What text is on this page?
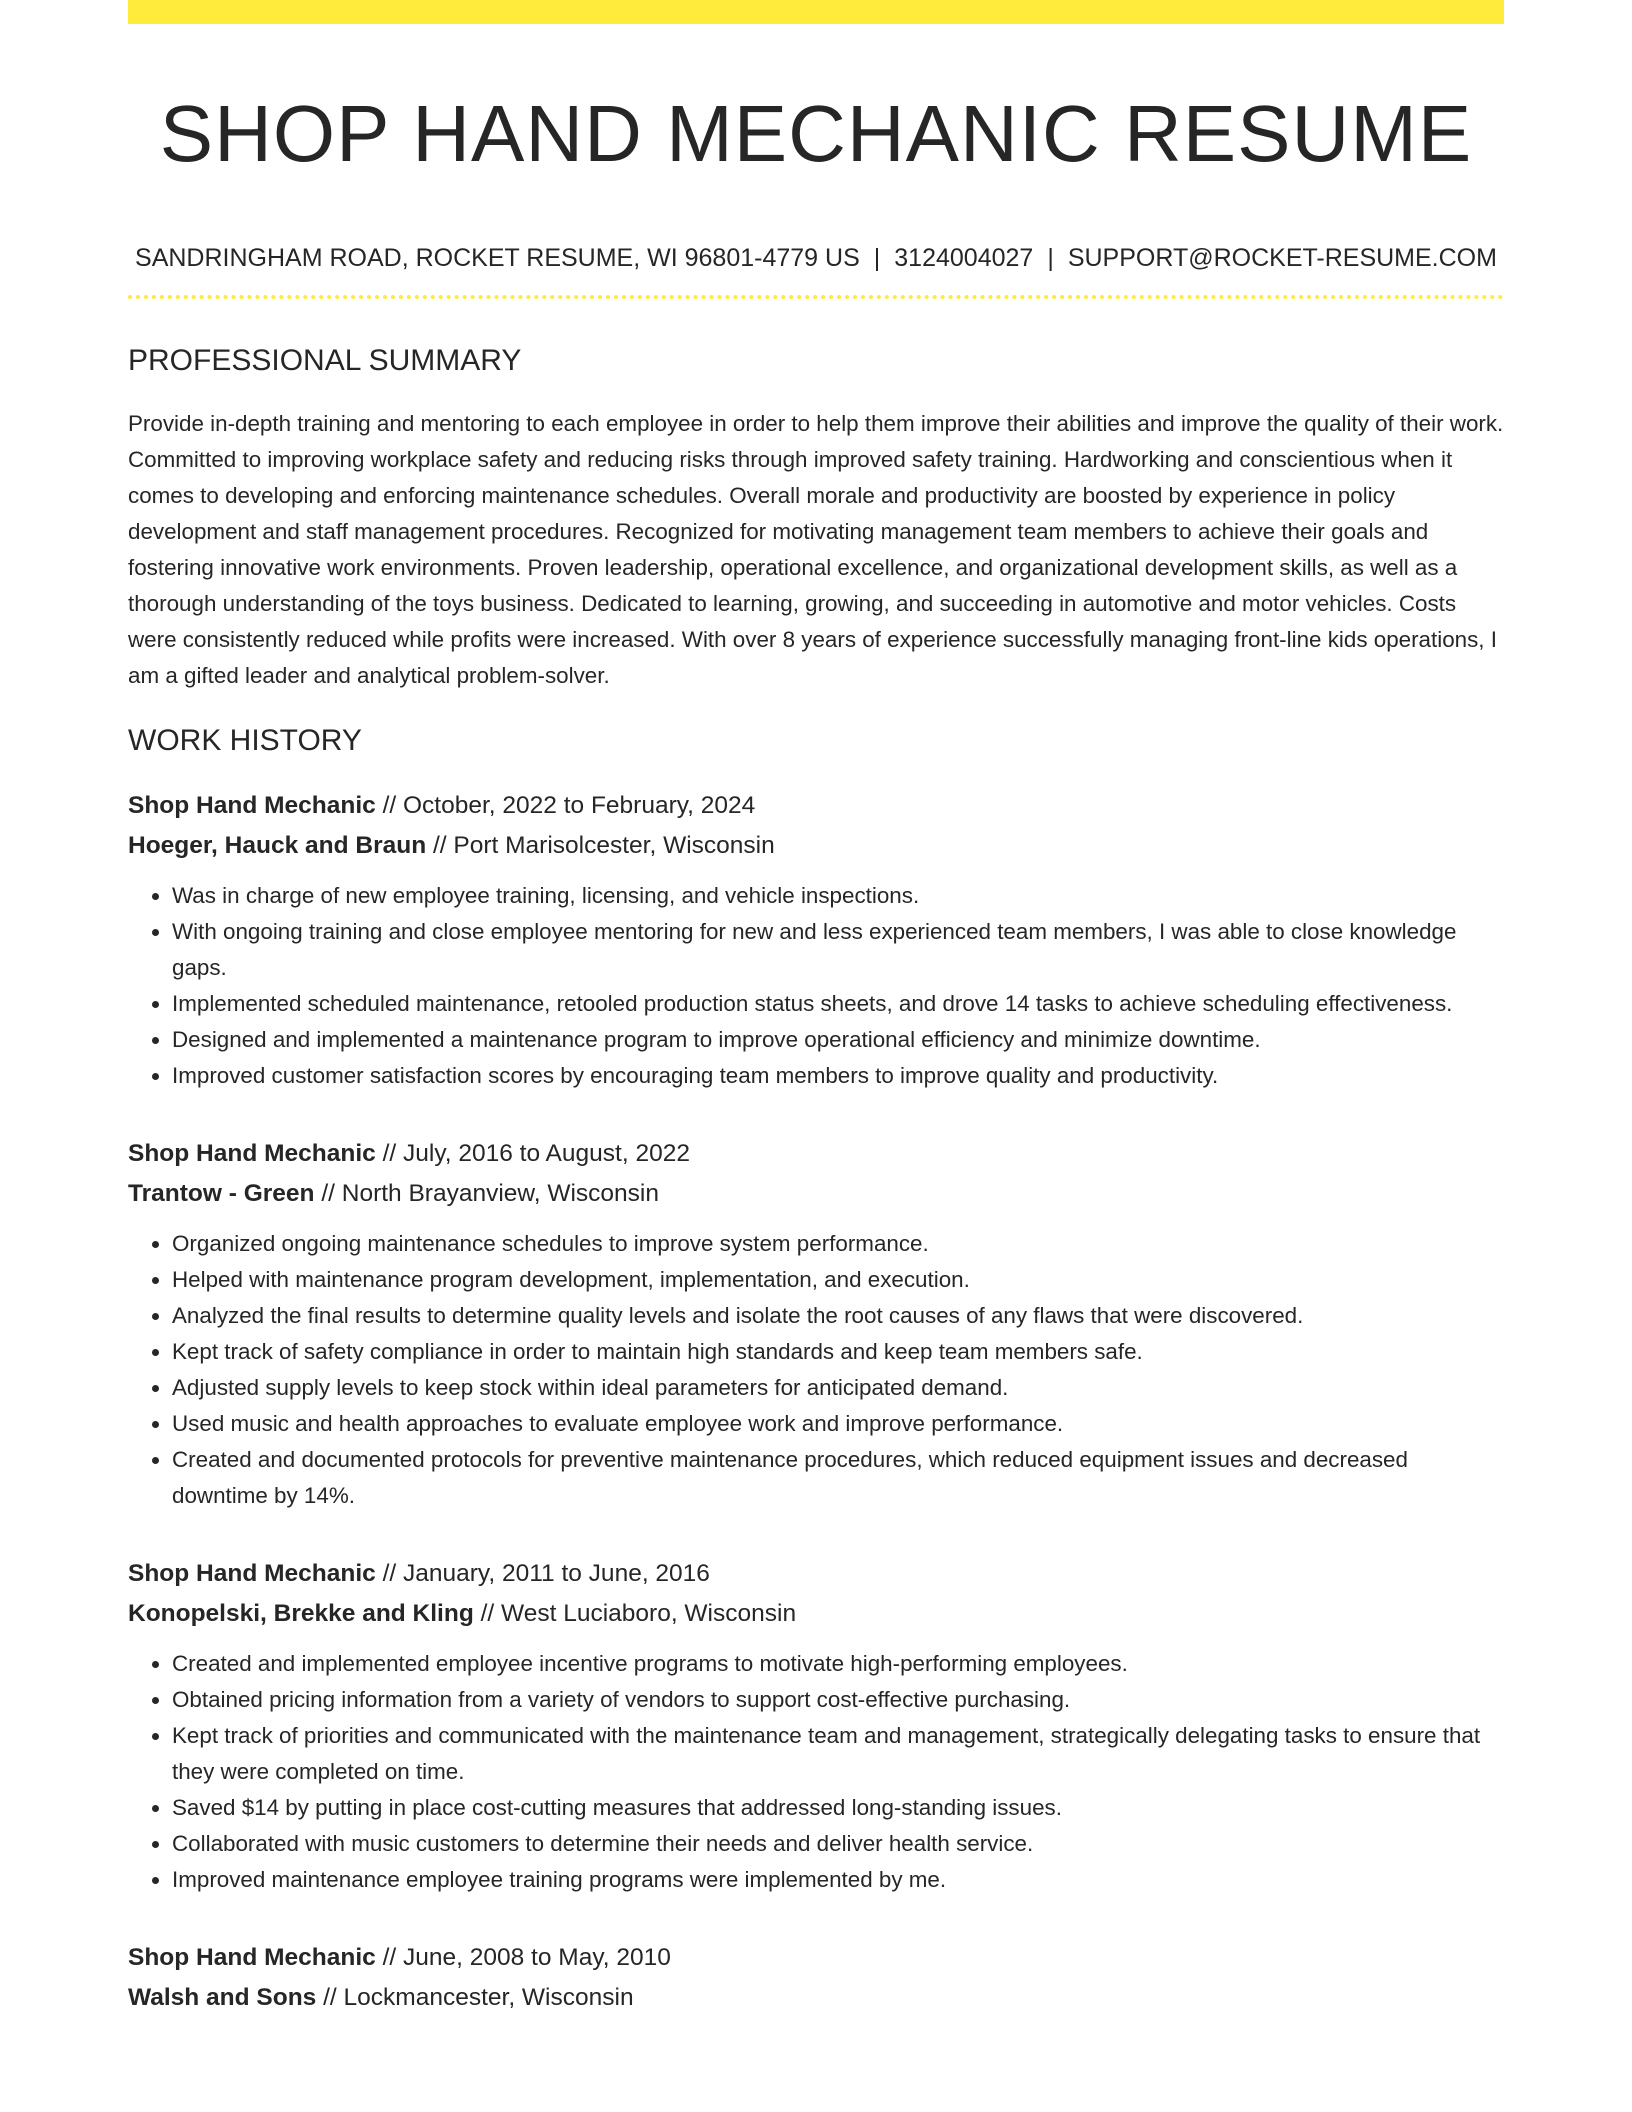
SHOP HAND MECHANIC RESUME
SANDRINGHAM ROAD, ROCKET RESUME, WI 96801-4779 US | 3124004027 | SUPPORT@ROCKET-RESUME.COM
PROFESSIONAL SUMMARY

Provide in-depth training and mentoring to each employee in order to help them improve their abilities and improve the quality of their work. Committed to improving workplace safety and reducing risks through improved safety training. Hardworking and conscientious when it comes to developing and enforcing maintenance schedules. Overall morale and productivity are boosted by experience in policy development and staff management procedures. Recognized for motivating management team members to achieve their goals and fostering innovative work environments. Proven leadership, operational excellence, and organizational development skills, as well as a thorough understanding of the toys business. Dedicated to learning, growing, and succeeding in automotive and motor vehicles. Costs were consistently reduced while profits were increased. With over 8 years of experience successfully managing front-line kids operations, I am a gifted leader and analytical problem-solver.

WORK HISTORY
Shop Hand Mechanic // October, 2022 to February, 2024
Hoeger, Hauck and Braun // Port Marisolcester, Wisconsin
• Was in charge of new employee training, licensing, and vehicle inspections.
• With ongoing training and close employee mentoring for new and less experienced team members, I was able to close knowledge gaps.
• Implemented scheduled maintenance, retooled production status sheets, and drove 14 tasks to achieve scheduling effectiveness.
• Designed and implemented a maintenance program to improve operational efficiency and minimize downtime.
• Improved customer satisfaction scores by encouraging team members to improve quality and productivity.
Shop Hand Mechanic // July, 2016 to August, 2022
Trantow - Green // North Brayanview, Wisconsin
• Organized ongoing maintenance schedules to improve system performance.
• Helped with maintenance program development, implementation, and execution.
• Analyzed the final results to determine quality levels and isolate the root causes of any flaws that were discovered.
• Kept track of safety compliance in order to maintain high standards and keep team members safe.
• Adjusted supply levels to keep stock within ideal parameters for anticipated demand.
• Used music and health approaches to evaluate employee work and improve performance.
• Created and documented protocols for preventive maintenance procedures, which reduced equipment issues and decreased downtime by 14%.
Shop Hand Mechanic // January, 2011 to June, 2016
Konopelski, Brekke and Kling // West Luciaboro, Wisconsin
• Created and implemented employee incentive programs to motivate high-performing employees.
• Obtained pricing information from a variety of vendors to support cost-effective purchasing.
• Kept track of priorities and communicated with the maintenance team and management, strategically delegating tasks to ensure that they were completed on time.
• Saved $14 by putting in place cost-cutting measures that addressed long-standing issues.
• Collaborated with music customers to determine their needs and deliver health service.
• Improved maintenance employee training programs were implemented by me.
Shop Hand Mechanic // June, 2008 to May, 2010
Walsh and Sons // Lockmancester, Wisconsin
